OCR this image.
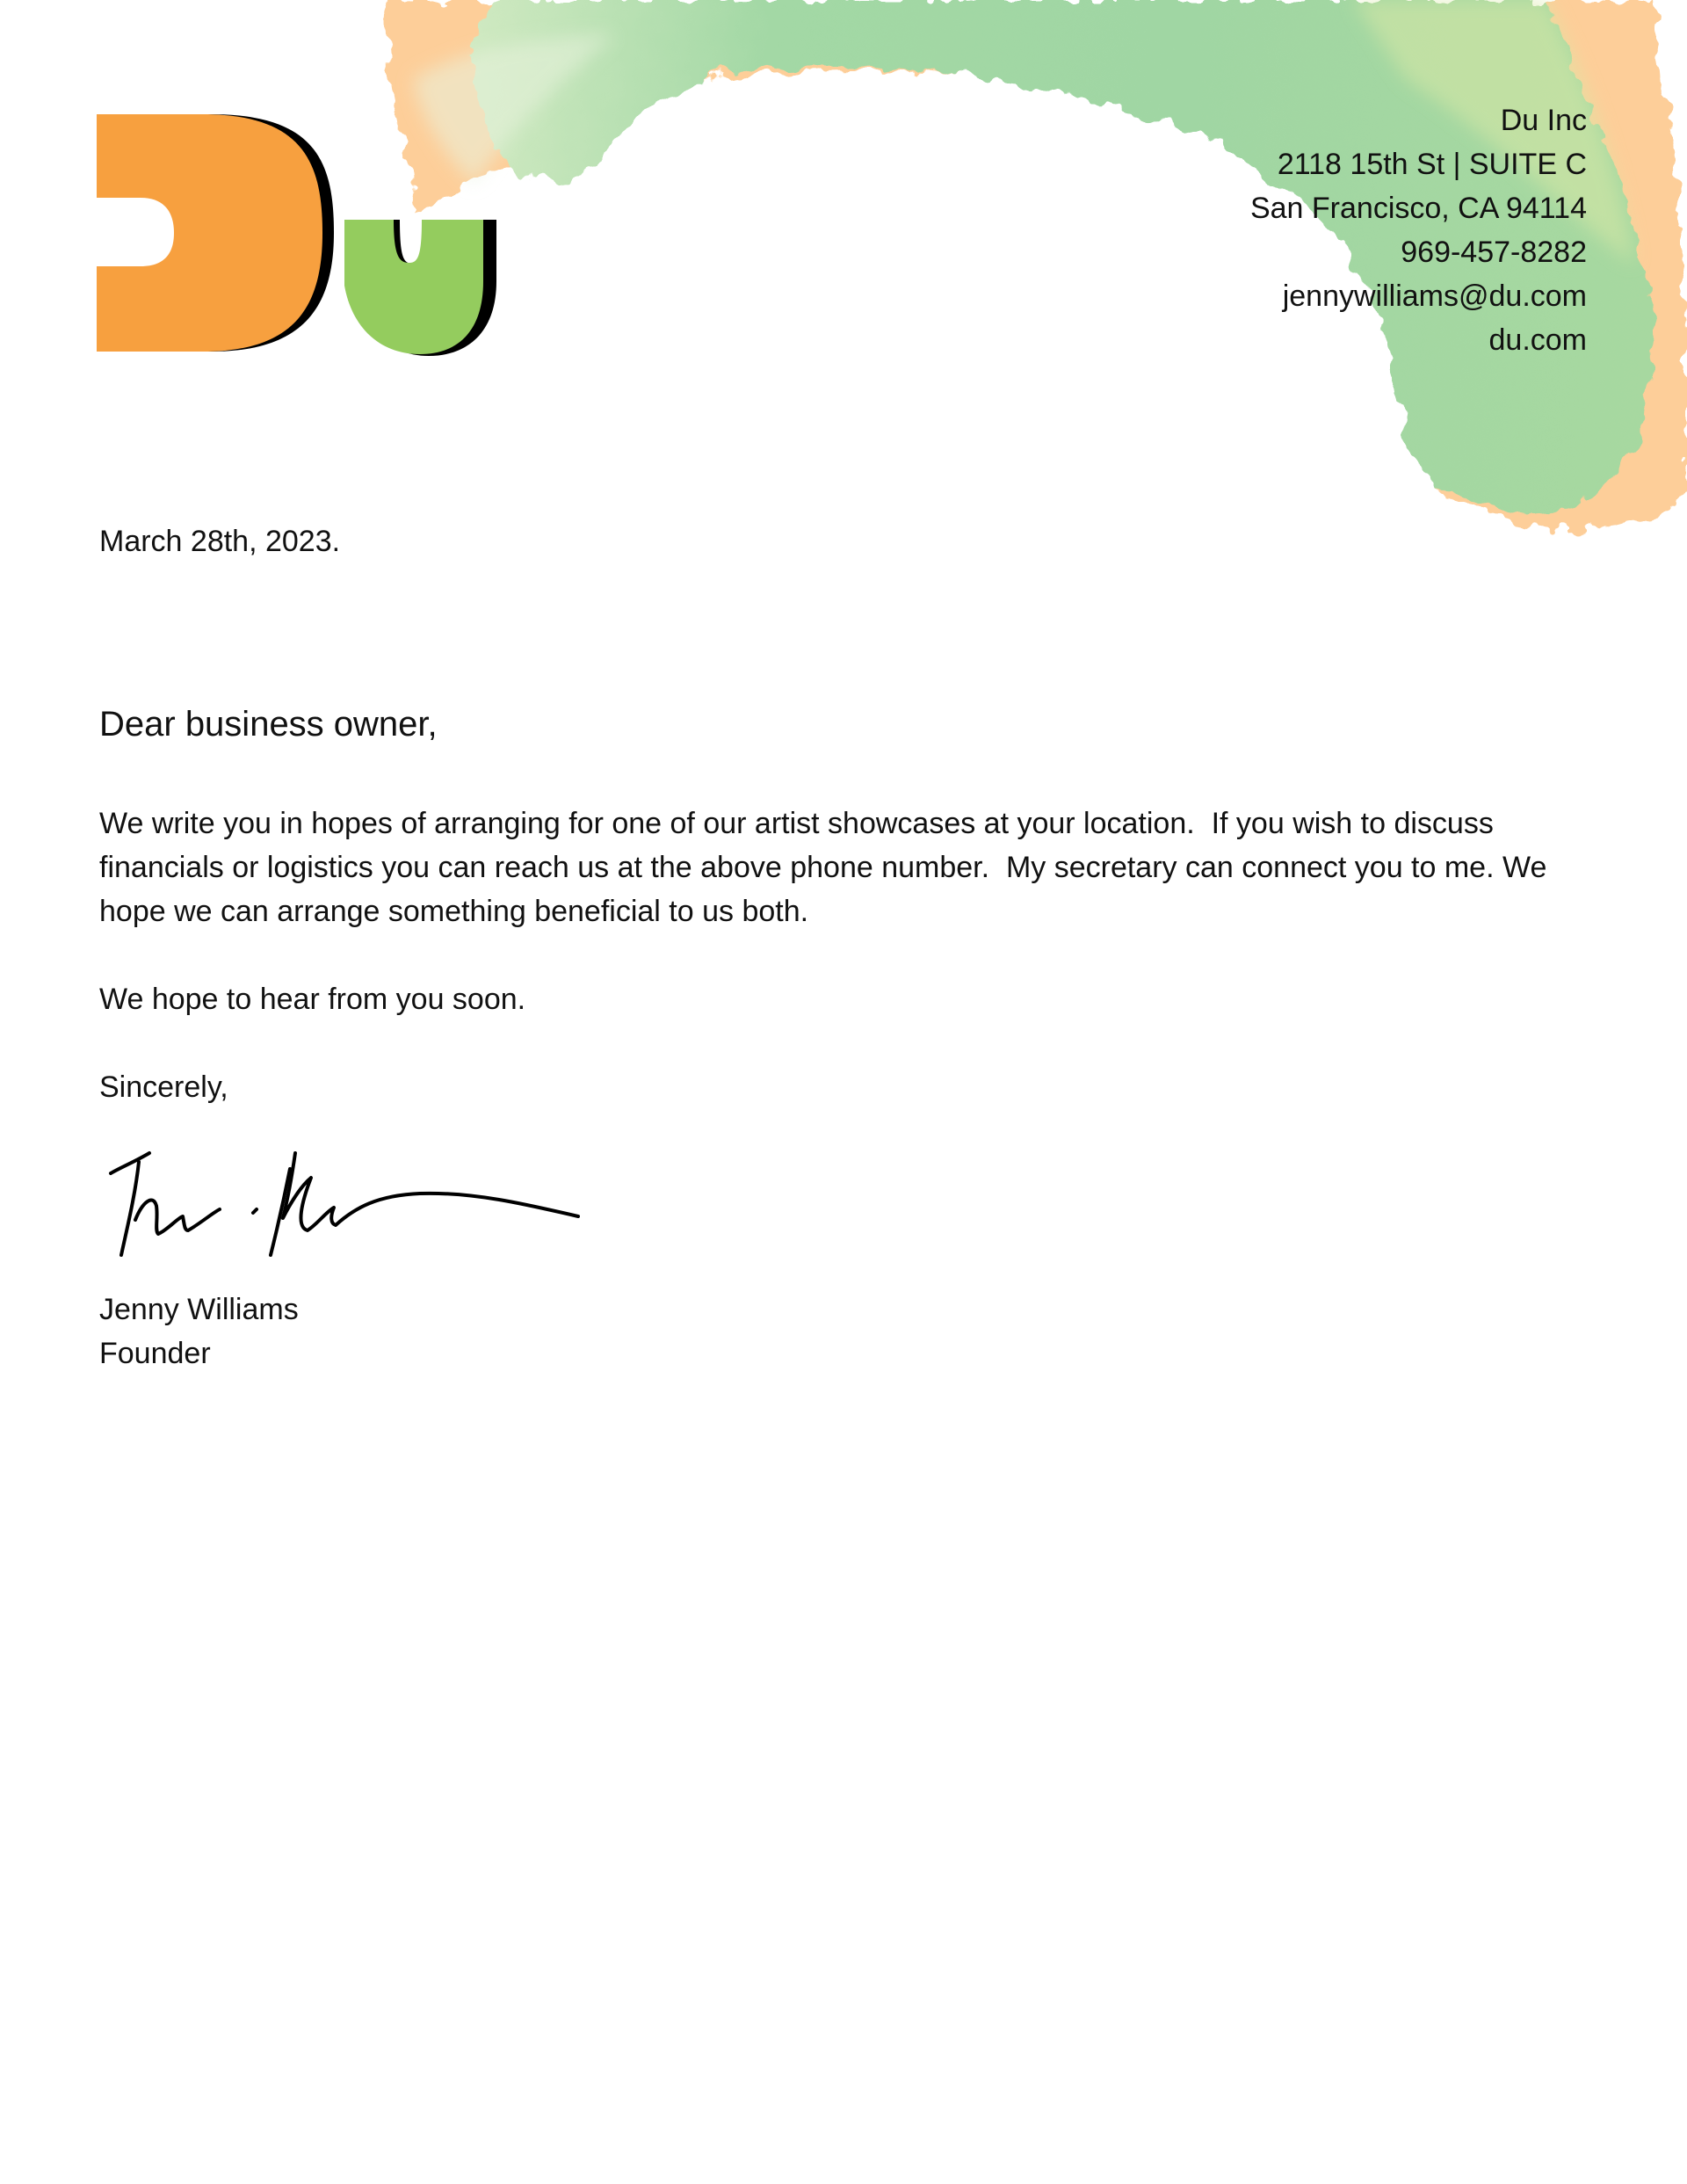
Du Inc
2118 15th St | SUITE C
San Francisco, CA 94114
969-457-8282
jennywilliams@du.com
du.com
March 28th, 2023.
Dear business owner,

We write you in hopes of arranging for one of our artist showcases at your location.  If you wish to discuss financials or logistics you can reach us at the above phone number.  My secretary can connect you to me. We hope we can arrange something beneficial to us both.

We hope to hear from you soon.

Sincerely,

Jenny Williams
Founder
